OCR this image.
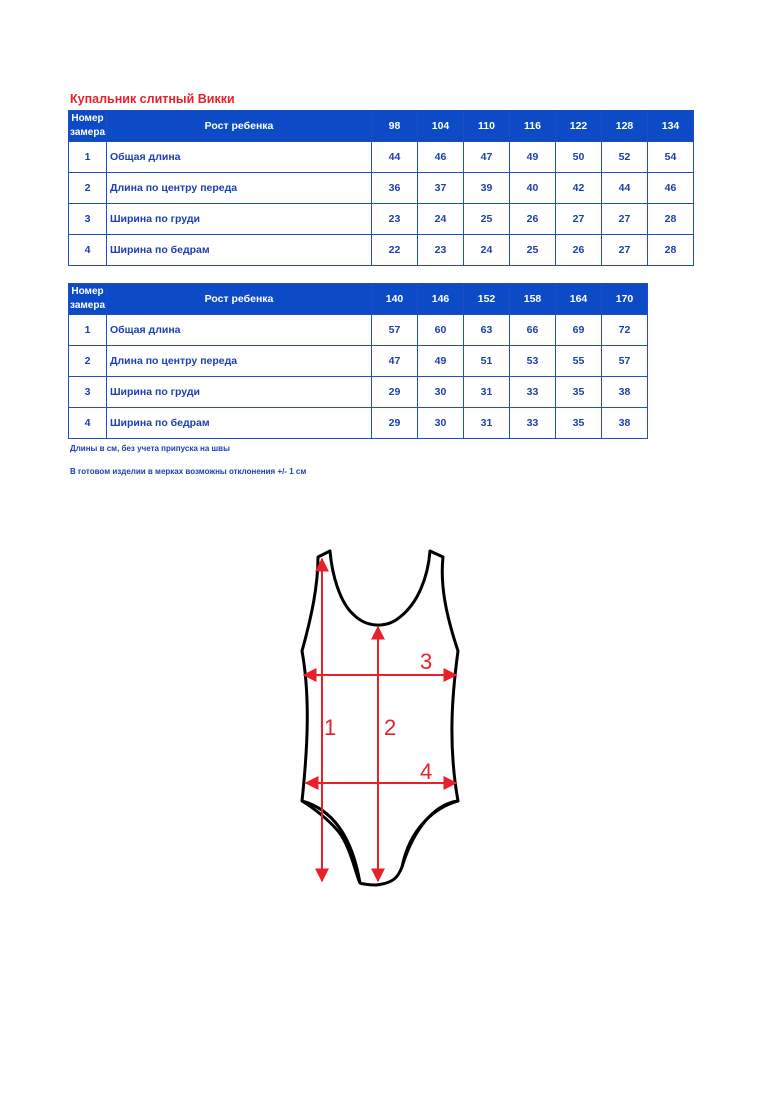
Купальник слитный Викки
Номер
замера	Рост ребенка	98	104	110	116	122	128	134
1	Общая длина	44	46	47	49	50	52	54
2	Длина по центру переда	36	37	39	40	42	44	46
3	Ширина по груди	23	24	25	26	27	27	28
4	Ширина по бедрам	22	23	24	25	26	27	28
Номер
замера	Рост ребенка	140	146	152	158	164	170
1	Общая длина	57	60	63	66	69	72
2	Длина по центру переда	47	49	51	53	55	57
3	Ширина по груди	29	30	31	33	35	38
4	Ширина по бедрам	29	30	31	33	35	38
Длины в см, без учета припуска на швы
В готовом изделии в мерках возможны отклонения +/- 1 см
1 2
3
4
